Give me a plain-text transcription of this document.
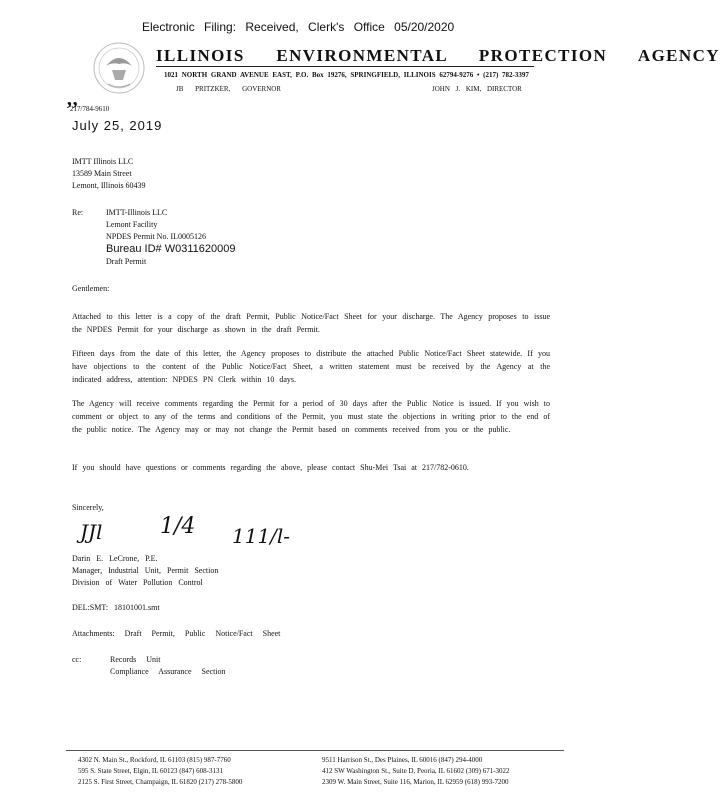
Electronic Filing: Received, Clerk's Office 05/20/2020
‚,
ILLINOIS ENVIRONMENTAL PROTECTION AGENCY
1021 NORTH GRAND AVENUE EAST, P.O. Box 19276, SPRINGFIELD, ILLINOIS 62794-9276 • (217) 782-3397
JB PRITZKER, GOVERNOR	JOHN J. KIM, DIRECTOR
217/784-9610
July 25, 2019
IMTT Illinois LLC
13589 Main Street
Lemont, Illinois 60439
Re:	IMTT-Illinois LLC
Lemont Facility
NPDES Permit No. IL0005126
Bureau ID# W0311620009
Draft Permit
Gentlemen:
Attached to this letter is a copy of the draft Permit, Public Notice/Fact Sheet for your discharge. The Agency proposes to issue the NPDES Permit for your discharge as shown in the draft Permit.
Fifteen days from the date of this letter, the Agency proposes to distribute the attached Public Notice/Fact Sheet statewide. If you have objections to the content of the Public Notice/Fact Sheet, a written statement must be received by the Agency at the indicated address, attention: NPDES PN Clerk within 10 days.
The Agency will receive comments regarding the Permit for a period of 30 days after the Public Notice is issued. If you wish to comment or object to any of the terms and conditions of the Permit, you must state the objections in writing prior to the end of the public notice. The Agency may or may not change the Permit based on comments received from you or the public.
If you should have questions or comments regarding the above, please contact Shu-Mei Tsai at 217/782-0610.
Sincerely,
JJl	1/4 111/l-
Darin E. LeCrone, P.E.
Manager, Industrial Unit, Permit Section
Division of Water Pollution Control
DEL:SMT: 18101001.smt
Attachments: Draft Permit, Public Notice/Fact Sheet
cc:	Records Unit
Compliance Assurance Section
4302 N. Main St., Rockford, IL 61103 (815) 987-7760
595 S. State Street, Elgin, IL 60123 (847) 608-3131
2125 S. First Street, Champaign, IL 61820 (217) 278-5800
9511 Harrison St., Des Plaines, IL 60016 (847) 294-4000
412 SW Washington St., Suite D, Peoria, IL 61602 (309) 671-3022
2309 W. Main Street, Suite 116, Marion, IL 62959 (618) 993-7200
